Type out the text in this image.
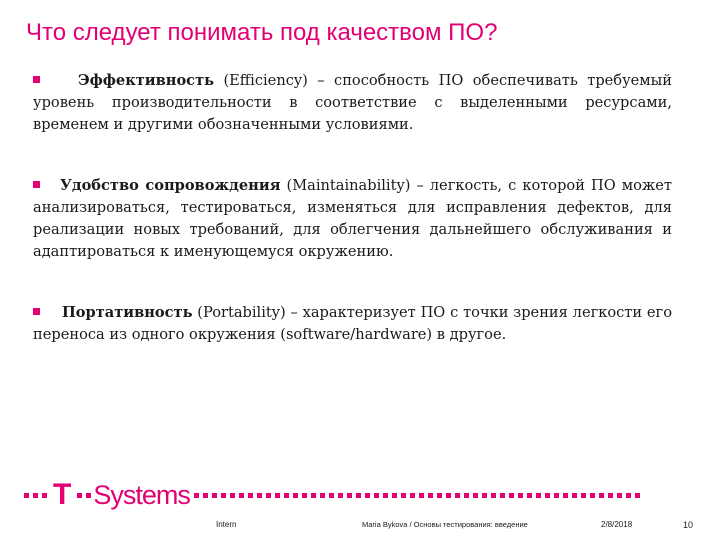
Что следует понимать под качеством ПО?

Эффективность (Efficiency) – способность ПО обеспечивать требуемый уровень производительности в соответствие с выделенными ресурсами, временем и другими обозначенными условиями.

Удобство сопровождения (Maintainability) – легкость, с которой ПО может анализироваться, тестироваться, изменяться для исправления дефектов, для реализации новых требований, для облегчения дальнейшего обслуживания и адаптироваться к именующемуся окружению.

Портативность (Portability) – характеризует ПО с точки зрения легкости его переноса из одного окружения (software/hardware) в другое.

T Systems
Intern	Maria Bykova / Основы тестирования: введение	2/8/2018	10
